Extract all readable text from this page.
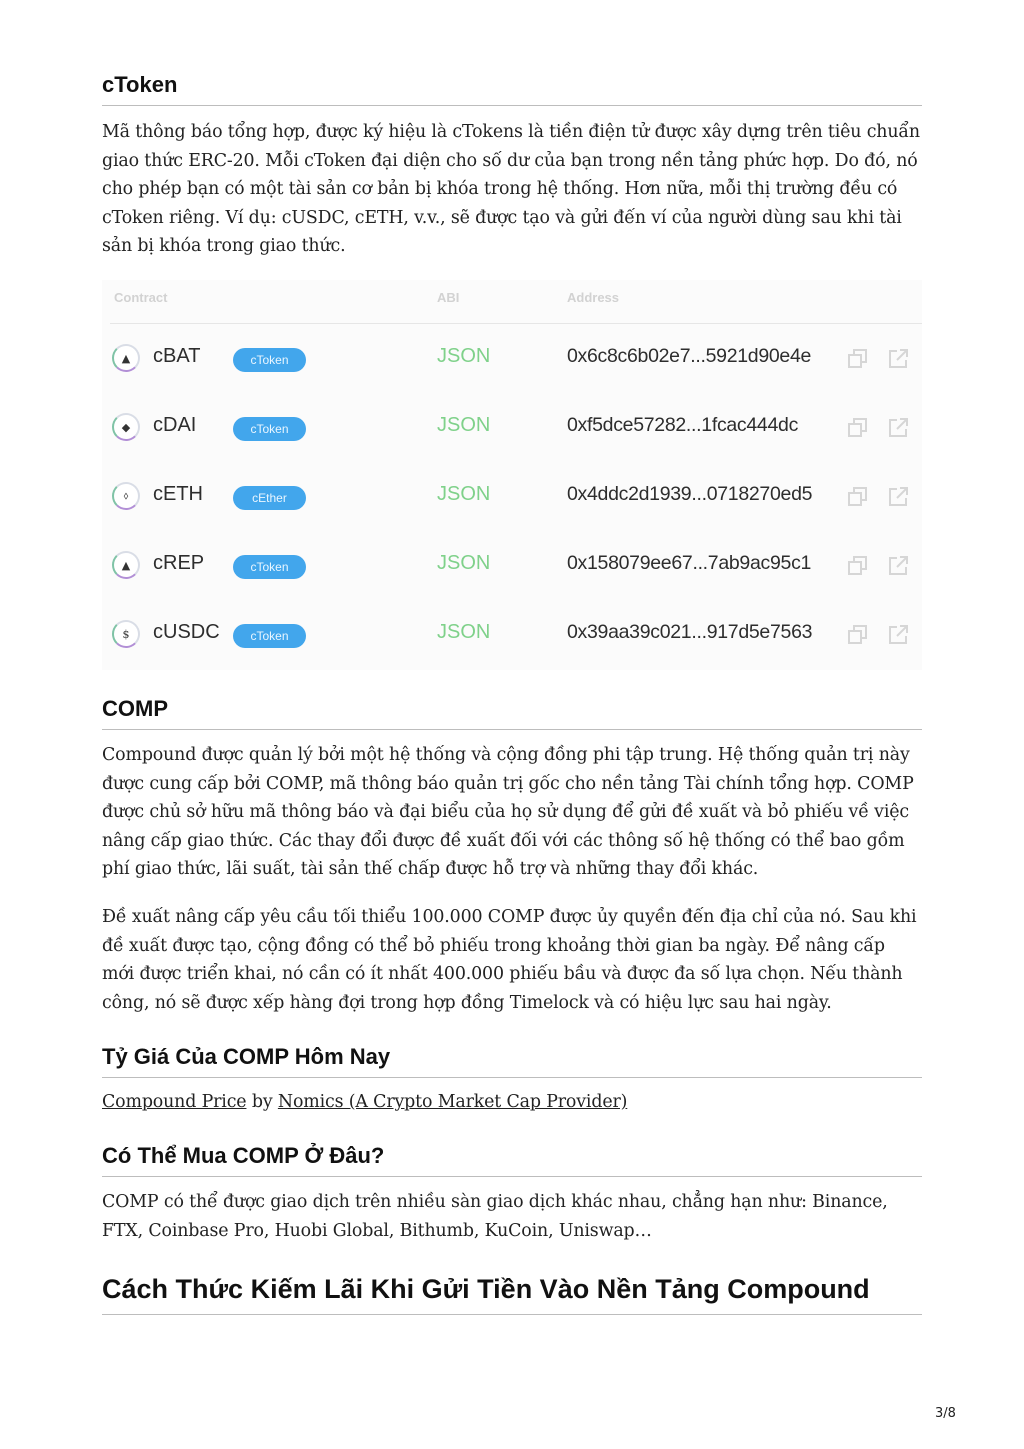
cToken

Mã thông báo tổng hợp, được ký hiệu là cTokens là tiền điện tử được xây dựng trên tiêu chuẩn giao thức ERC-20. Mỗi cToken đại diện cho số dư của bạn trong nền tảng phức hợp. Do đó, nó cho phép bạn có một tài sản cơ bản bị khóa trong hệ thống. Hơn nữa, mỗi thị trường đều có cToken riêng. Ví dụ: cUSDC, cETH, v.v., sẽ được tạo và gửi đến ví của người dùng sau khi tài sản bị khóa trong giao thức.

Contract	ABI	Address
▲	cBAT	cToken	JSON	0x6c8c6b02e7...5921d90e4e
◆	cDAI	cToken	JSON	0xf5dce57282...1fcac444dc
⬨	cETH	cEther	JSON	0x4ddc2d1939...0718270ed5
▲	cREP	cToken	JSON	0x158079ee67...7ab9ac95c1
$	cUSDC	cToken	JSON	0x39aa39c021...917d5e7563
COMP

Compound được quản lý bởi một hệ thống và cộng đồng phi tập trung. Hệ thống quản trị này được cung cấp bởi COMP, mã thông báo quản trị gốc cho nền tảng Tài chính tổng hợp. COMP được chủ sở hữu mã thông báo và đại biểu của họ sử dụng để gửi đề xuất và bỏ phiếu về việc nâng cấp giao thức. Các thay đổi được đề xuất đối với các thông số hệ thống có thể bao gồm phí giao thức, lãi suất, tài sản thế chấp được hỗ trợ và những thay đổi khác.

Đề xuất nâng cấp yêu cầu tối thiểu 100.000 COMP được ủy quyền đến địa chỉ của nó. Sau khi đề xuất được tạo, cộng đồng có thể bỏ phiếu trong khoảng thời gian ba ngày. Để nâng cấp mới được triển khai, nó cần có ít nhất 400.000 phiếu bầu và được đa số lựa chọn. Nếu thành công, nó sẽ được xếp hàng đợi trong hợp đồng Timelock và có hiệu lực sau hai ngày.

Tỷ Giá Của COMP Hôm Nay

Compound Price by Nomics (A Crypto Market Cap Provider)

Có Thể Mua COMP Ở Đâu?

COMP có thể được giao dịch trên nhiều sàn giao dịch khác nhau, chẳng hạn như: Binance, FTX, Coinbase Pro, Huobi Global, Bithumb, KuCoin, Uniswap…

Cách Thức Kiếm Lãi Khi Gửi Tiền Vào Nền Tảng Compound
3/8
